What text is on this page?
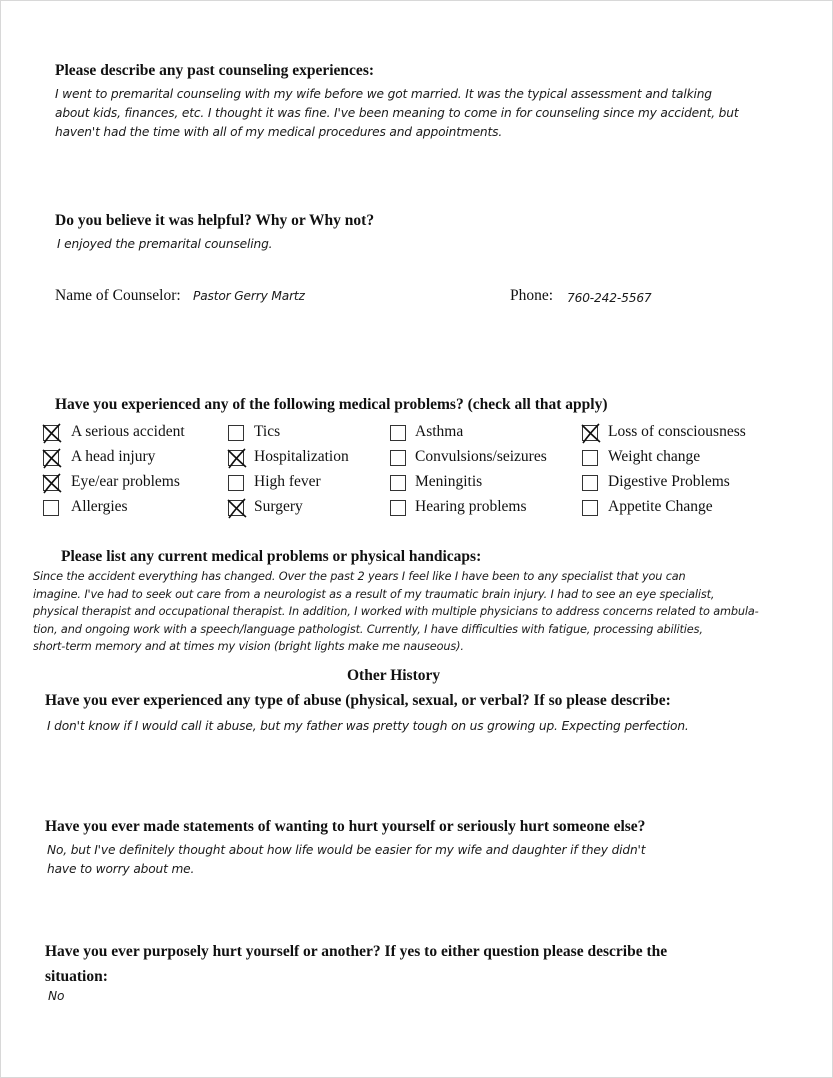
Please describe any past counseling experiences:
I went to premarital counseling with my wife before we got married. It was the typical assessment and talking
about kids, finances, etc. I thought it was fine. I've been meaning to come in for counseling since my accident, but
haven't had the time with all of my medical procedures and appointments.
Do you believe it was helpful? Why or Why not?
I enjoyed the premarital counseling.
Name of Counselor: Pastor Gerry Martz	Phone: 760-242-5567
Have you experienced any of the following medical problems? (check all that apply)
Please list any current medical problems or physical handicaps:
Since the accident everything has changed. Over the past 2 years I feel like I have been to any specialist that you can
imagine. I've had to seek out care from a neurologist as a result of my traumatic brain injury. I had to see an eye specialist,
physical therapist and occupational therapist. In addition, I worked with multiple physicians to address concerns related to ambula-
tion, and ongoing work with a speech/language pathologist. Currently, I have difficulties with fatigue, processing abilities,
short-term memory and at times my vision (bright lights make me nauseous).
Other History
Have you ever experienced any type of abuse (physical, sexual, or verbal? If so please describe:
I don't know if I would call it abuse, but my father was pretty tough on us growing up. Expecting perfection.
Have you ever made statements of wanting to hurt yourself or seriously hurt someone else?
No, but I've definitely thought about how life would be easier for my wife and daughter if they didn't
have to worry about me.
Have you ever purposely hurt yourself or another? If yes to either question please describe the
situation:
No
A serious accident
A head injury
Eye/ear problems
Allergies
Tics
Hospitalization
High fever
Surgery
Asthma
Convulsions/seizures
Meningitis
Hearing problems
Loss of consciousness
Weight change
Digestive Problems
Appetite Change
